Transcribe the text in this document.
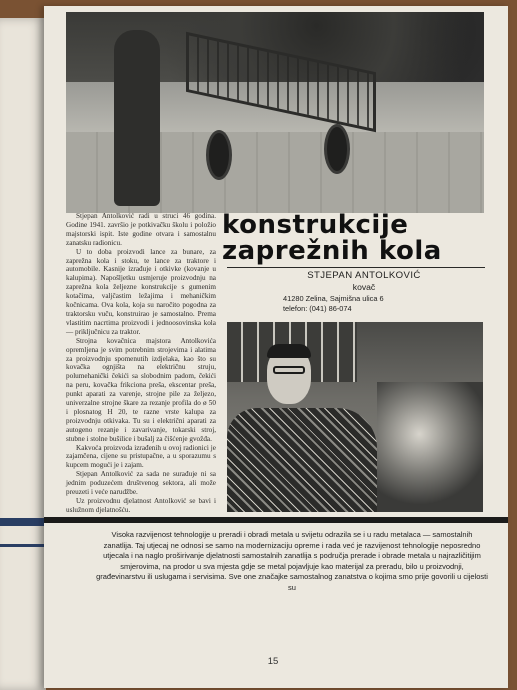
Stjepan Antolković radi u struci 46 godina. Godine 1941. završio je potkivačku školu i položio majstorski ispit. Iste godine otvara i samostalnu zanatsku radionicu.

U to doba proizvodi lance za bunare, za zaprežna kola i stoku, te lance za traktore i automobile. Kasnije izrađuje i otkivke (kovanje u kalupima). Napošljetku usmjeruje proizvodnju na zaprežna kola željezne konstrukcije s gumenim kotačima, valjčastim ležajima i mehaničkim kočnicama. Ova kola, koja su naročito pogodna za traktorsku vuču, konstruirao je samostalno. Prema vlastitim nacrtima proizvodi i jednoosovinska kola — priključnicu za traktor.

Strojna kovačnica majstora Antolkovića opremljena je svim potrebnim strojevima i alatima za proizvodnju spomenutih izdjelaka, kao što su kovačka ognjišta na električnu struju, polumehanički čekići sa slobodnim padom, čekići na peru, kovačka frikciona preša, ekscentar preša, punkt aparati za varenje, strojne pile za željezo, univerzalne strojne škare za rezanje profila do ø 50 i plosnatog H 20, te razne vrste kalupa za proizvodnju otkivaka. Tu su i električni aparati za autogeno rezanje i zavarivanje, tokarski stroj, stubne i stolne bušilice i bušalj za čišćenje gvožđa.

Kakvoća proizvoda izrađenih u ovoj radionici je zajamčena, cijene su pristupačne, a u sporazumu s kupcem mogući je i zajam.

Stjepan Antolković za sada ne surađuje ni sa jednim poduzećem društvenog sektora, ali može preuzeti i veće narudžbe.

Uz proizvodnu djelatnost Antolković se bavi i uslužnom djelatnošću.

konstrukcije
zaprežnih kola
STJEPAN ANTOLKOVIĆ
kovač
41280 Zelina, Sajmišna ulica 6
telefon: (041) 86-074
Visoka razvijenost tehnologije u preradi i obradi metala u svijetu odrazila se i u radu metalaca — samostalnih zanatlija. Taj utjecaj ne odnosi se samo na modernizaciju opreme i rada već je razvijenost tehnologije neposredno utjecala i na naglo proširivanje djelatnosti samostalnih zanatlija s područja prerade i obrade metala u najrazličitijim smjerovima, na prodor u sva mjesta gdje se metal pojavljuje kao materijal za preradu, bilo u proizvodnji, građevinarstvu ili uslugama i servisima. Sve one značajke samostalnog zanatstva o kojima smo prije govorili u cijelosti su
15
